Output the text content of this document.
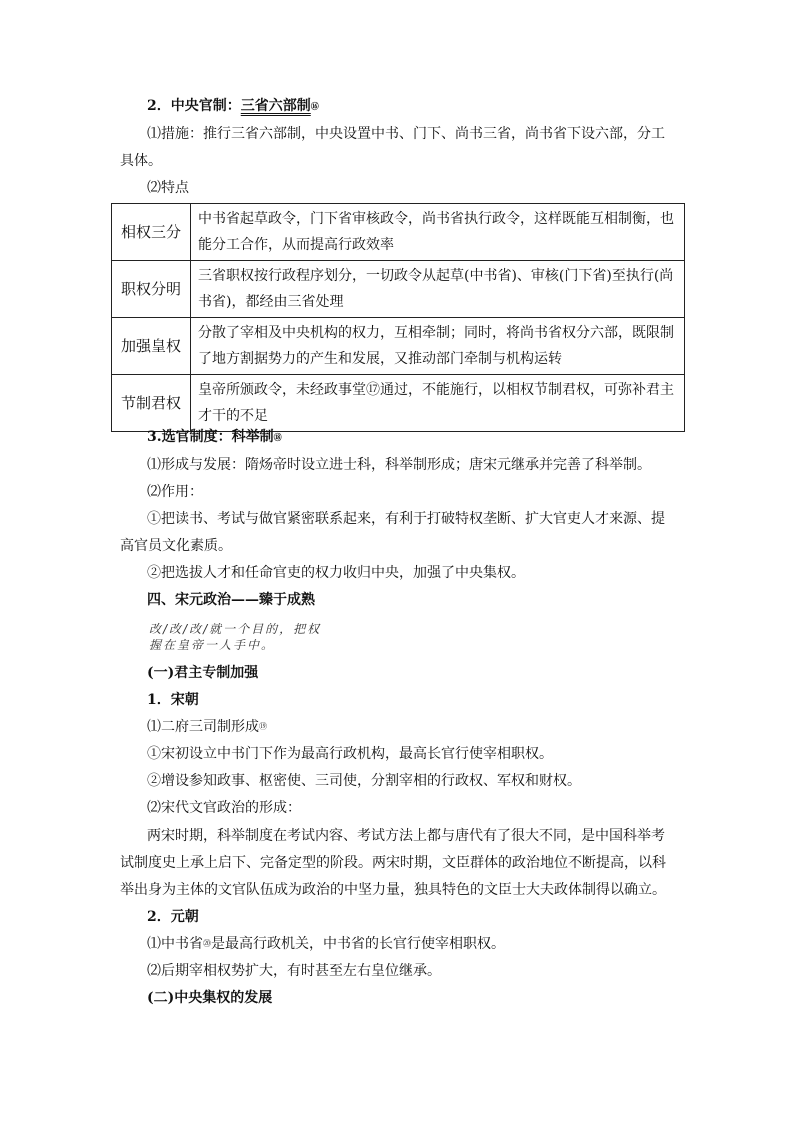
2．中央官制：三省六部制⑯
⑴措施：推行三省六部制，中央设置中书、门下、尚书三省，尚书省下设六部，分工
具体。
⑵特点
相权三分	中书省起草政令，门下省审核政令，尚书省执行政令，这样既能互相制衡，也能分工合作，从而提高行政效率
职权分明	三省职权按行政程序划分，一切政令从起草(中书省)、审核(门下省)至执行(尚书省)，都经由三省处理
加强皇权	分散了宰相及中央机构的权力，互相牵制；同时，将尚书省权分六部，既限制了地方割据势力的产生和发展，又推动部门牵制与机构运转
节制君权	皇帝所颁政令，未经政事堂⑰通过，不能施行，以相权节制君权，可弥补君主才干的不足
3.选官制度：科举制⑱
⑴形成与发展：隋炀帝时设立进士科，科举制形成；唐宋元继承并完善了科举制。
⑵作用：
①把读书、考试与做官紧密联系起来，有利于打破特权垄断、扩大官吏人才来源、提
高官员文化素质。
②把选拔人才和任命官吏的权力收归中央，加强了中央集权。
四、宋元政治——臻于成熟
改/改/改/就一个目的，把权
握在皇帝一人手中。
(一)君主专制加强
1．宋朝
⑴二府三司制形成⑲
①宋初设立中书门下作为最高行政机构，最高长官行使宰相职权。
②增设参知政事、枢密使、三司使，分割宰相的行政权、军权和财权。
⑵宋代文官政治的形成：
两宋时期，科举制度在考试内容、考试方法上都与唐代有了很大不同，是中国科举考
试制度史上承上启下、完备定型的阶段。两宋时期，文臣群体的政治地位不断提高，以科
举出身为主体的文官队伍成为政治的中坚力量，独具特色的文臣士大夫政体制得以确立。
2．元朝
⑴中书省⑳是最高行政机关，中书省的长官行使宰相职权。
⑵后期宰相权势扩大，有时甚至左右皇位继承。
(二)中央集权的发展
